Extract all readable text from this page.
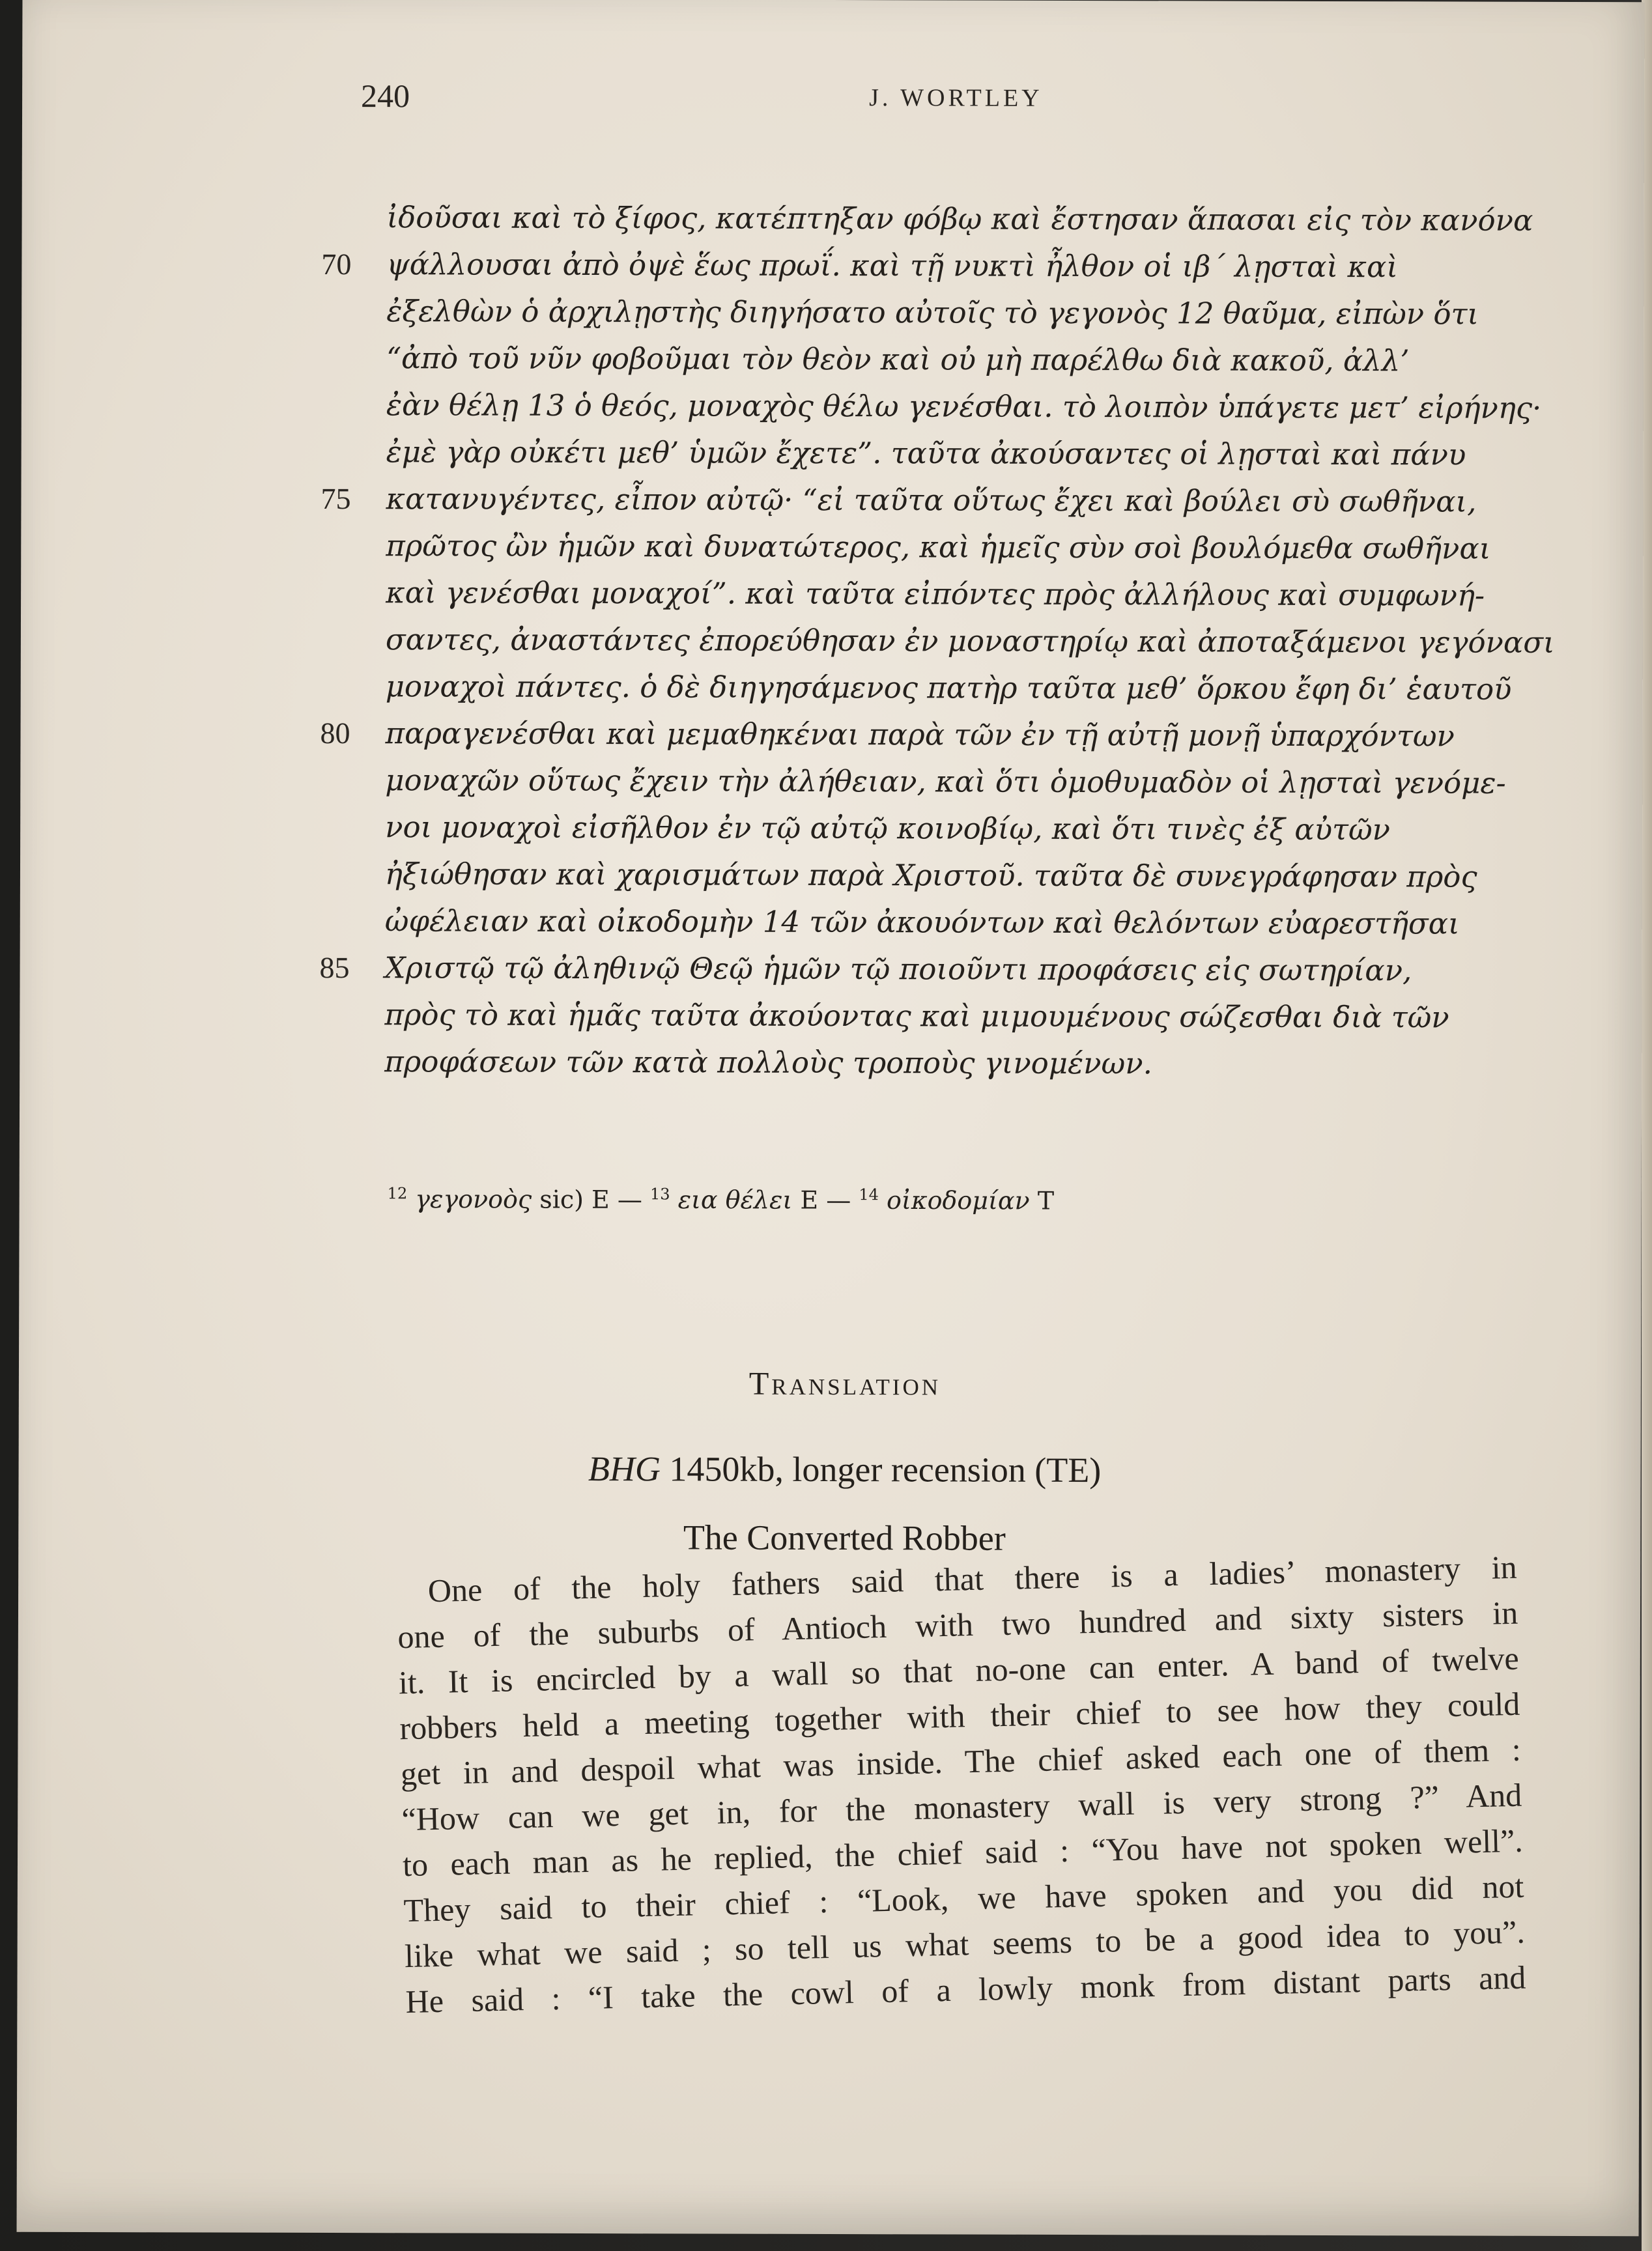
240	J. WORTLEY
ἰδοῦσαι καὶ τὸ ξίφος, κατέπτηξαν φόβῳ καὶ ἔστησαν ἅπασαι εἰς τὸν κανόνα
70	ψάλλουσαι ἀπὸ ὀψὲ ἕως πρωΐ. καὶ τῇ νυκτὶ ἦλθον οἱ ιβ´ λῃσταὶ καὶ
ἐξελθὼν ὁ ἀρχιλῃστὴς διηγήσατο αὐτοῖς τὸ γεγονὸς 12 θαῦμα, εἰπὼν ὅτι
“ἀπὸ τοῦ νῦν φοβοῦμαι τὸν θεὸν καὶ οὐ μὴ παρέλθω διὰ κακοῦ, ἀλλ’
ἐὰν θέλῃ 13 ὁ θεός, μοναχὸς θέλω γενέσθαι. τὸ λοιπὸν ὑπάγετε μετ’ εἰρήνης·
ἐμὲ γὰρ οὐκέτι μεθ’ ὑμῶν ἔχετε”. ταῦτα ἀκούσαντες οἱ λῃσταὶ καὶ πάνυ
75	κατανυγέντες, εἶπον αὐτῷ· “εἰ ταῦτα οὕτως ἔχει καὶ βούλει σὺ σωθῆναι,
πρῶτος ὢν ἡμῶν καὶ δυνατώτερος, καὶ ἡμεῖς σὺν σοὶ βουλόμεθα σωθῆναι
καὶ γενέσθαι μοναχοί”. καὶ ταῦτα εἰπόντες πρὸς ἀλλήλους καὶ συμφωνή-
σαντες, ἀναστάντες ἐπορεύθησαν ἐν μοναστηρίῳ καὶ ἀποταξάμενοι γεγόνασι
μοναχοὶ πάντες. ὁ δὲ διηγησάμενος πατὴρ ταῦτα μεθ’ ὅρκου ἔφη δι’ ἑαυτοῦ
80	παραγενέσθαι καὶ μεμαθηκέναι παρὰ τῶν ἐν τῇ αὐτῇ μονῇ ὑπαρχόντων
μοναχῶν οὕτως ἔχειν τὴν ἀλήθειαν, καὶ ὅτι ὁμοθυμαδὸν οἱ λῃσταὶ γενόμε-
νοι μοναχοὶ εἰσῆλθον ἐν τῷ αὐτῷ κοινοβίῳ, καὶ ὅτι τινὲς ἐξ αὐτῶν
ἠξιώθησαν καὶ χαρισμάτων παρὰ Χριστοῦ. ταῦτα δὲ συνεγράφησαν πρὸς
ὠφέλειαν καὶ οἰκοδομὴν 14 τῶν ἀκουόντων καὶ θελόντων εὐαρεστῆσαι
85	Χριστῷ τῷ ἀληθινῷ Θεῷ ἡμῶν τῷ ποιοῦντι προφάσεις εἰς σωτηρίαν,
πρὸς τὸ καὶ ἡμᾶς ταῦτα ἀκούοντας καὶ μιμουμένους σώζεσθαι διὰ τῶν
προφάσεων τῶν κατὰ πολλοὺς τροποὺς γινομένων.
$^{12}$ γεγονοὸς sic) E — $^{13}$ εια θέλει E — $^{14}$ οἰκοδομίαν T
Translation
BHG 1450kb, longer recension (TE)
The Converted Robber
One of the holy fathers said that there is a ladies’ monastery in
one of the suburbs of Antioch with two hundred and sixty sisters in
it. It is encircled by a wall so that no-one can enter. A band of twelve
robbers held a meeting together with their chief to see how they could
get in and despoil what was inside. The chief asked each one of them :
“How can we get in, for the monastery wall is very strong ?” And
to each man as he replied, the chief said : “You have not spoken well”.
They said to their chief : “Look, we have spoken and you did not
like what we said ; so tell us what seems to be a good idea to you”.
He said : “I take the cowl of a lowly monk from distant parts and
